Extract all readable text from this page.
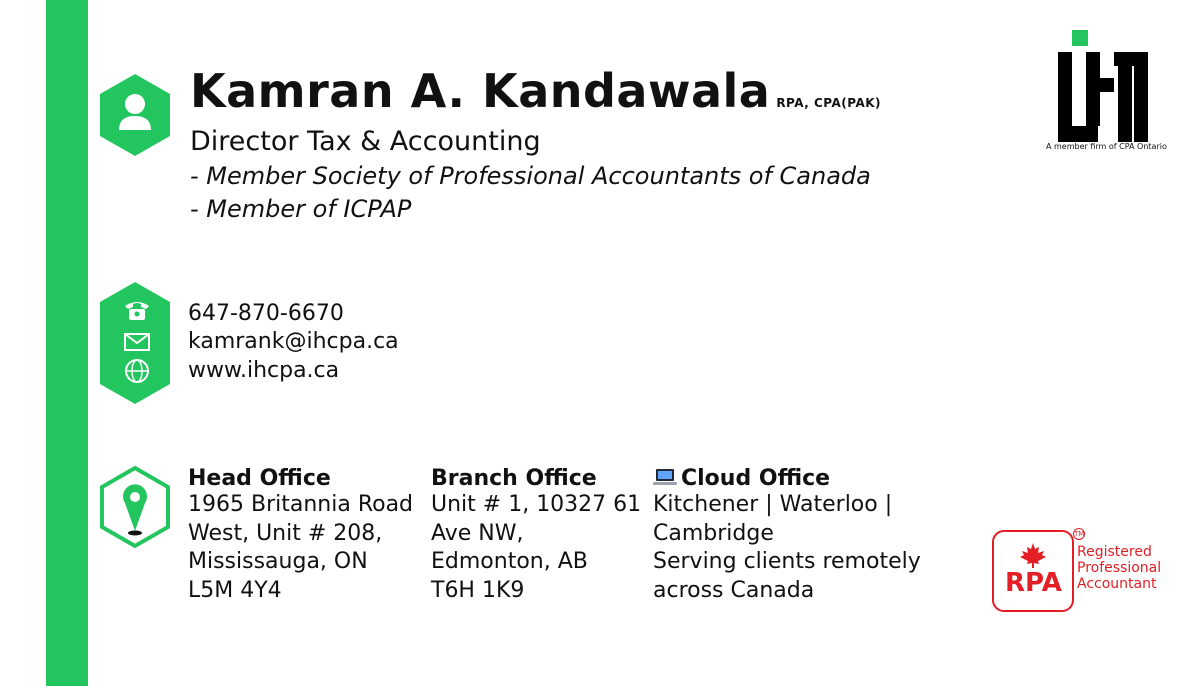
Kamran A. Kandawala RPA, CPA(PAK)
Director Tax & Accounting
- Member Society of Professional Accountants of Canada
- Member of ICPAP
647-870-6670
kamrank@ihcpa.ca
www.ihcpa.ca
Head Office
1965 Britannia Road
West, Unit # 208,
Mississauga, ON
L5M 4Y4
Branch Office
Unit # 1, 10327 61
Ave NW,
Edmonton, AB
T6H 1K9
Cloud Office
Kitchener | Waterloo |
Cambridge
Serving clients remotely
across Canada
A member firm of CPA Ontario
RPA
TM
Registered
Professional
Accountant
